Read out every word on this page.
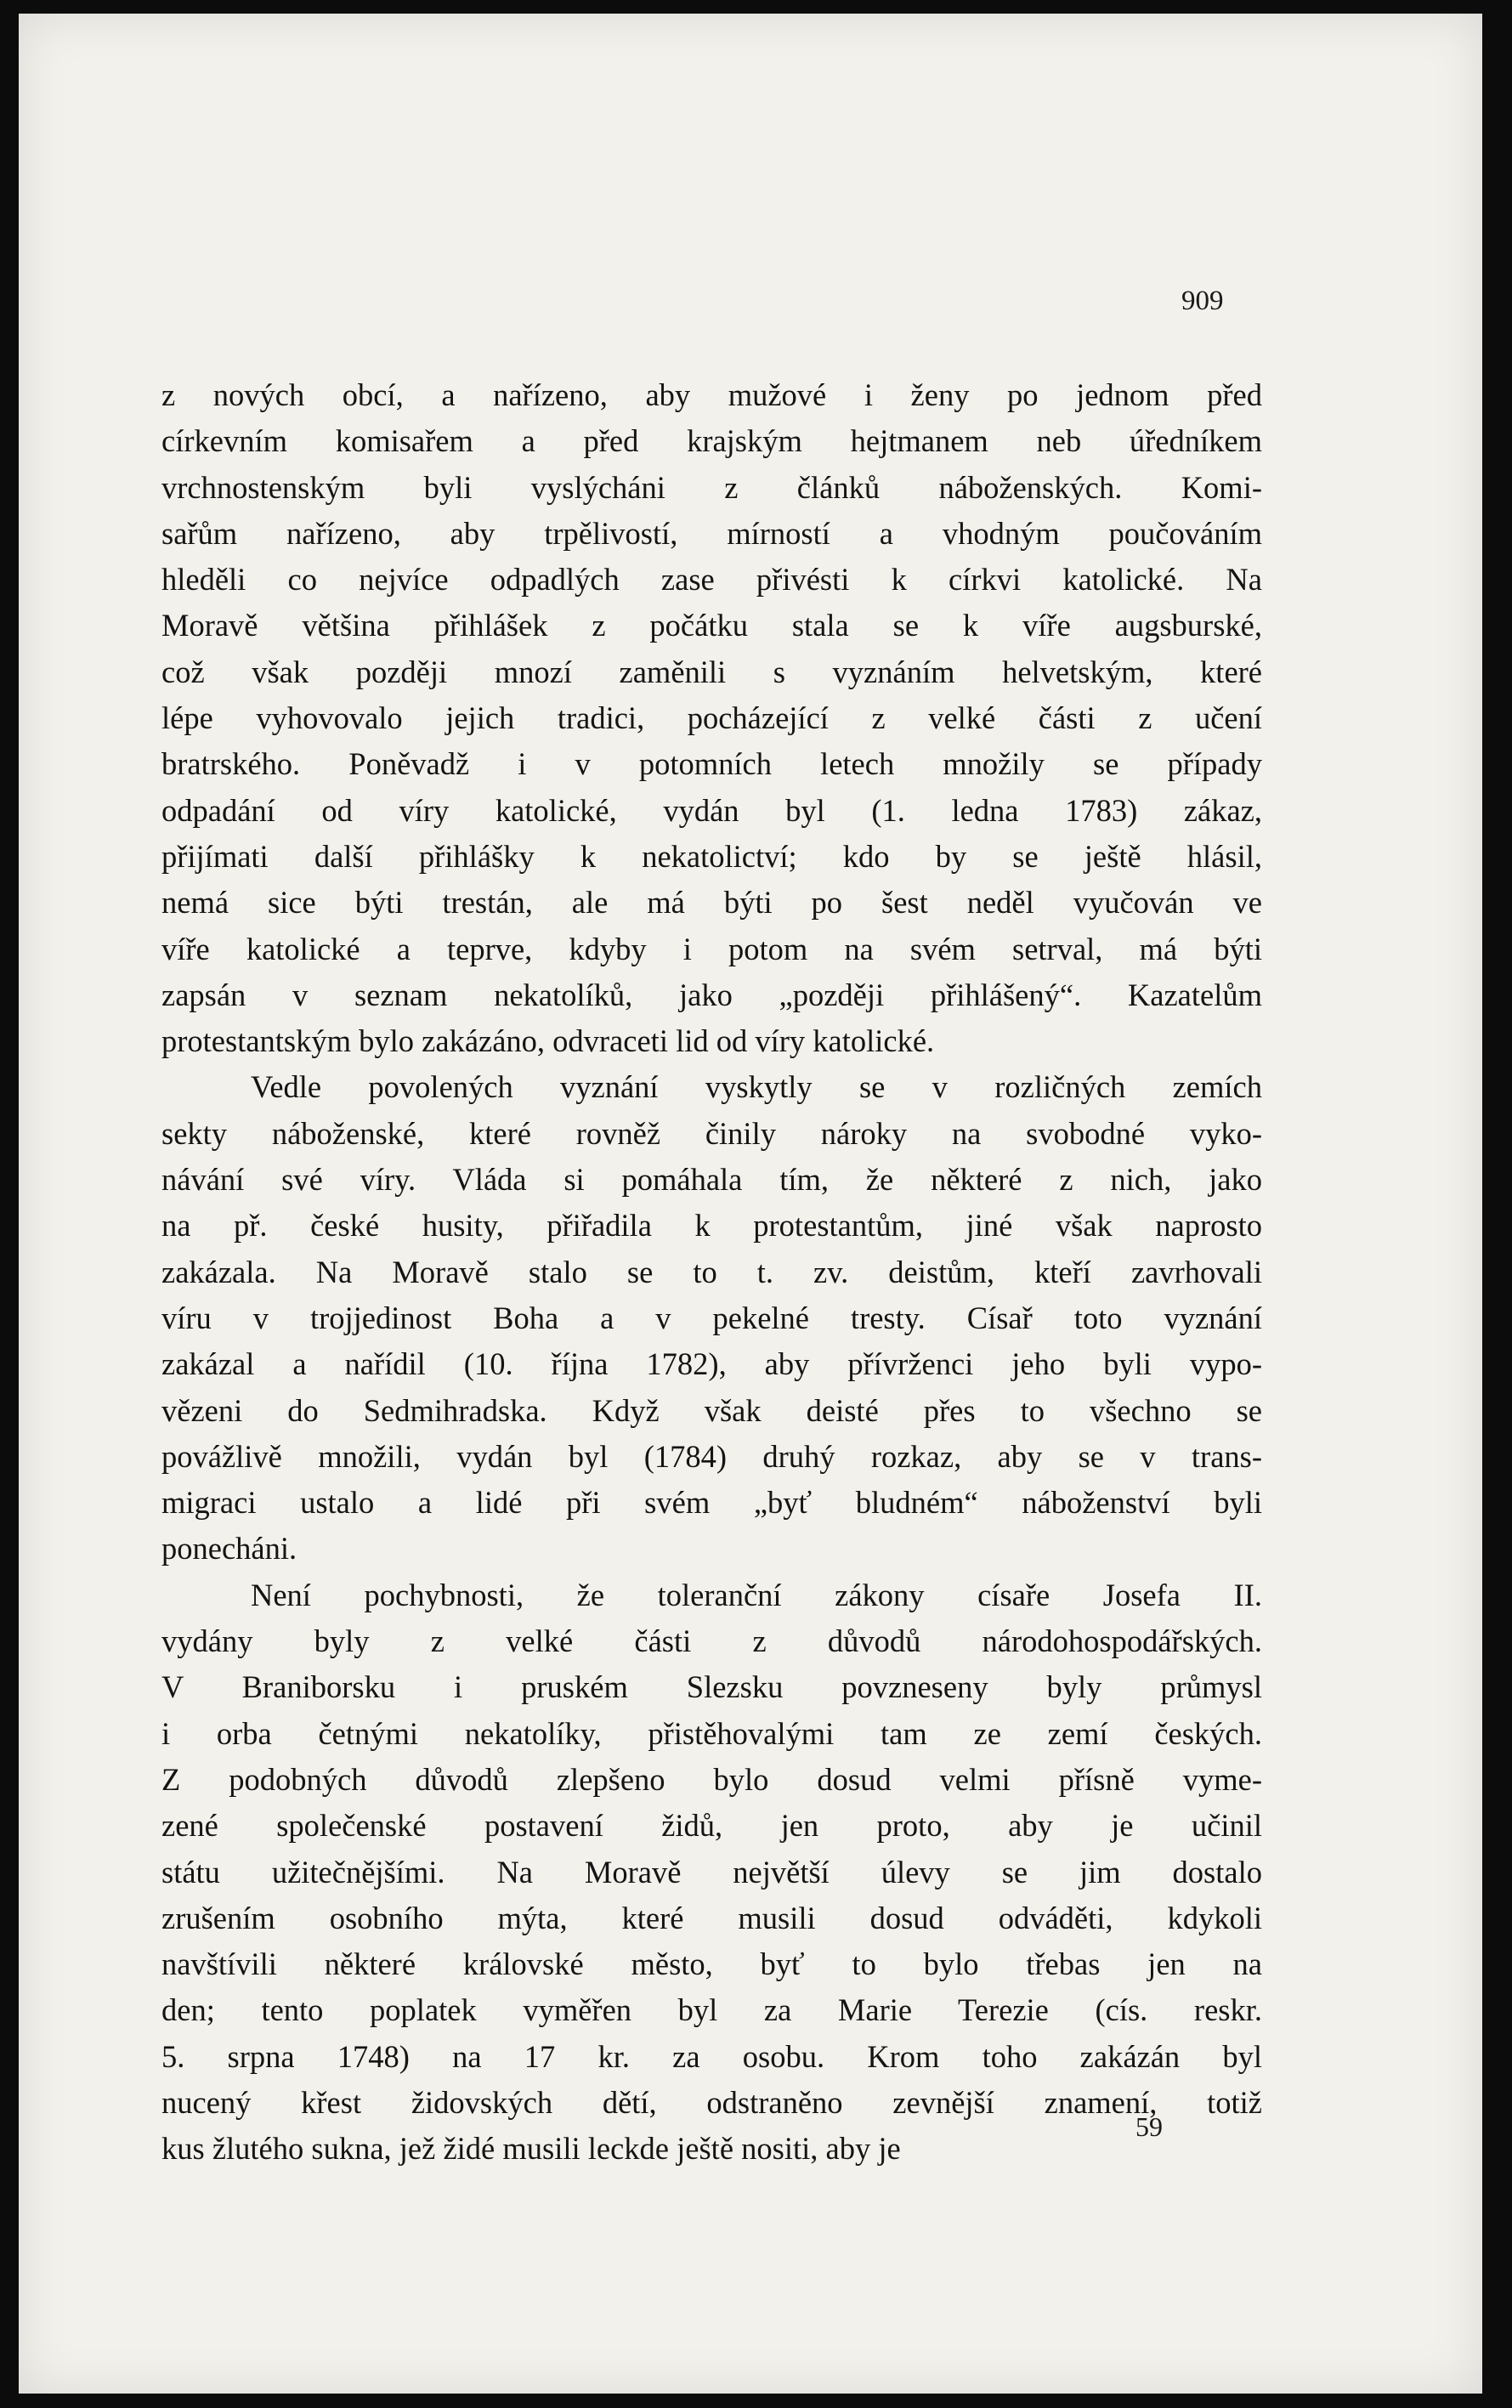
909
z nových obcí, a nařízeno, aby mužové i ženy po jednom před
církevním komisařem a před krajským hejtmanem neb úředníkem
vrchnostenským byli vyslýcháni z článků náboženských. Komi-
sařům nařízeno, aby trpělivostí, mírností a vhodným poučováním
hleděli co nejvíce odpadlých zase přivésti k církvi katolické. Na
Moravě většina přihlášek z počátku stala se k víře augsburské,
což však později mnozí zaměnili s vyznáním helvetským, které
lépe vyhovovalo jejich tradici, pocházející z velké části z učení
bratrského. Poněvadž i v potomních letech množily se případy
odpadání od víry katolické, vydán byl (1. ledna 1783) zákaz,
přijímati další přihlášky k nekatolictví; kdo by se ještě hlásil,
nemá sice býti trestán, ale má býti po šest neděl vyučován ve
víře katolické a teprve, kdyby i potom na svém setrval, má býti
zapsán v seznam nekatolíků, jako „později přihlášený“. Kazatelům
protestantským bylo zakázáno, odvraceti lid od víry katolické.
Vedle povolených vyznání vyskytly se v rozličných zemích
sekty náboženské, které rovněž činily nároky na svobodné vyko-
návání své víry. Vláda si pomáhala tím, že některé z nich, jako
na př. české husity, přiřadila k protestantům, jiné však naprosto
zakázala. Na Moravě stalo se to t. zv. deistům, kteří zavrhovali
víru v trojjedinost Boha a v pekelné tresty. Císař toto vyznání
zakázal a nařídil (10. října 1782), aby přívrženci jeho byli vypo-
vězeni do Sedmihradska. Když však deisté přes to všechno se
povážlivě množili, vydán byl (1784) druhý rozkaz, aby se v trans-
migraci ustalo a lidé při svém „byť bludném“ náboženství byli
ponecháni.
Není pochybnosti, že toleranční zákony císaře Josefa II.
vydány byly z velké části z důvodů národohospodářských.
V Braniborsku i pruském Slezsku povzneseny byly průmysl
i orba četnými nekatolíky, přistěhovalými tam ze zemí českých.
Z podobných důvodů zlepšeno bylo dosud velmi přísně vyme-
zené společenské postavení židů, jen proto, aby je učinil
státu užitečnějšími. Na Moravě největší úlevy se jim dostalo
zrušením osobního mýta, které musili dosud odváděti, kdykoli
navštívili některé královské město, byť to bylo třebas jen na
den; tento poplatek vyměřen byl za Marie Terezie (cís. reskr.
5. srpna 1748) na 17 kr. za osobu. Krom toho zakázán byl
nucený křest židovských dětí, odstraněno zevnější znamení, totiž
kus žlutého sukna, jež židé musili leckde ještě nositi, aby je
59
